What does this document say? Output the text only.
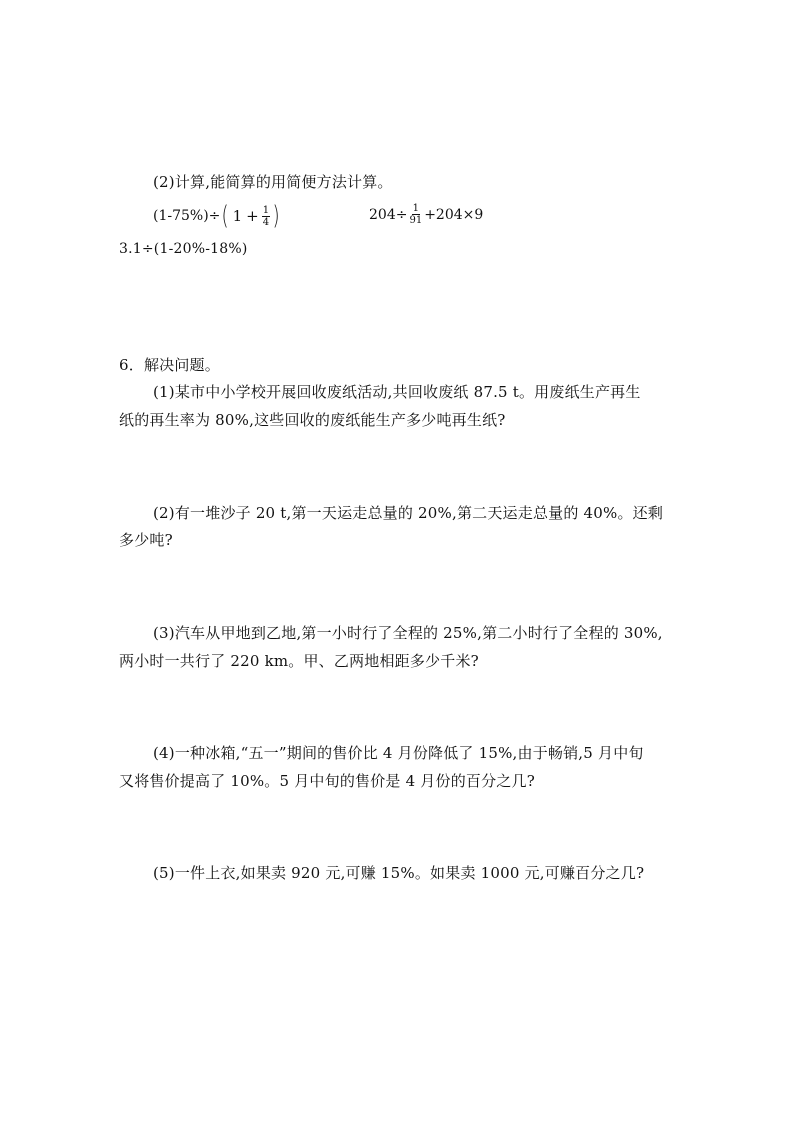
(2)计算,能简算的用简便方法计算。
(1-75%)÷ ( $1 + \frac{1}{4}$ )	$204\div \frac{1}{91} +204\times 9$
3.1÷(1-20%-18%)
6．解决问题。
(1)某市中小学校开展回收废纸活动,共回收废纸 87.5 t。用废纸生产再生
纸的再生率为 80%,这些回收的废纸能生产多少吨再生纸?
(2)有一堆沙子 20 t,第一天运走总量的 20%,第二天运走总量的 40%。还剩
多少吨?
(3)汽车从甲地到乙地,第一小时行了全程的 25%,第二小时行了全程的 30%,
两小时一共行了 220 km。甲、乙两地相距多少千米?
(4)一种冰箱,“五一”期间的售价比 4 月份降低了 15%,由于畅销,5 月中旬
又将售价提高了 10%。5 月中旬的售价是 4 月份的百分之几?
(5)一件上衣,如果卖 920 元,可赚 15%。如果卖 1000 元,可赚百分之几?
